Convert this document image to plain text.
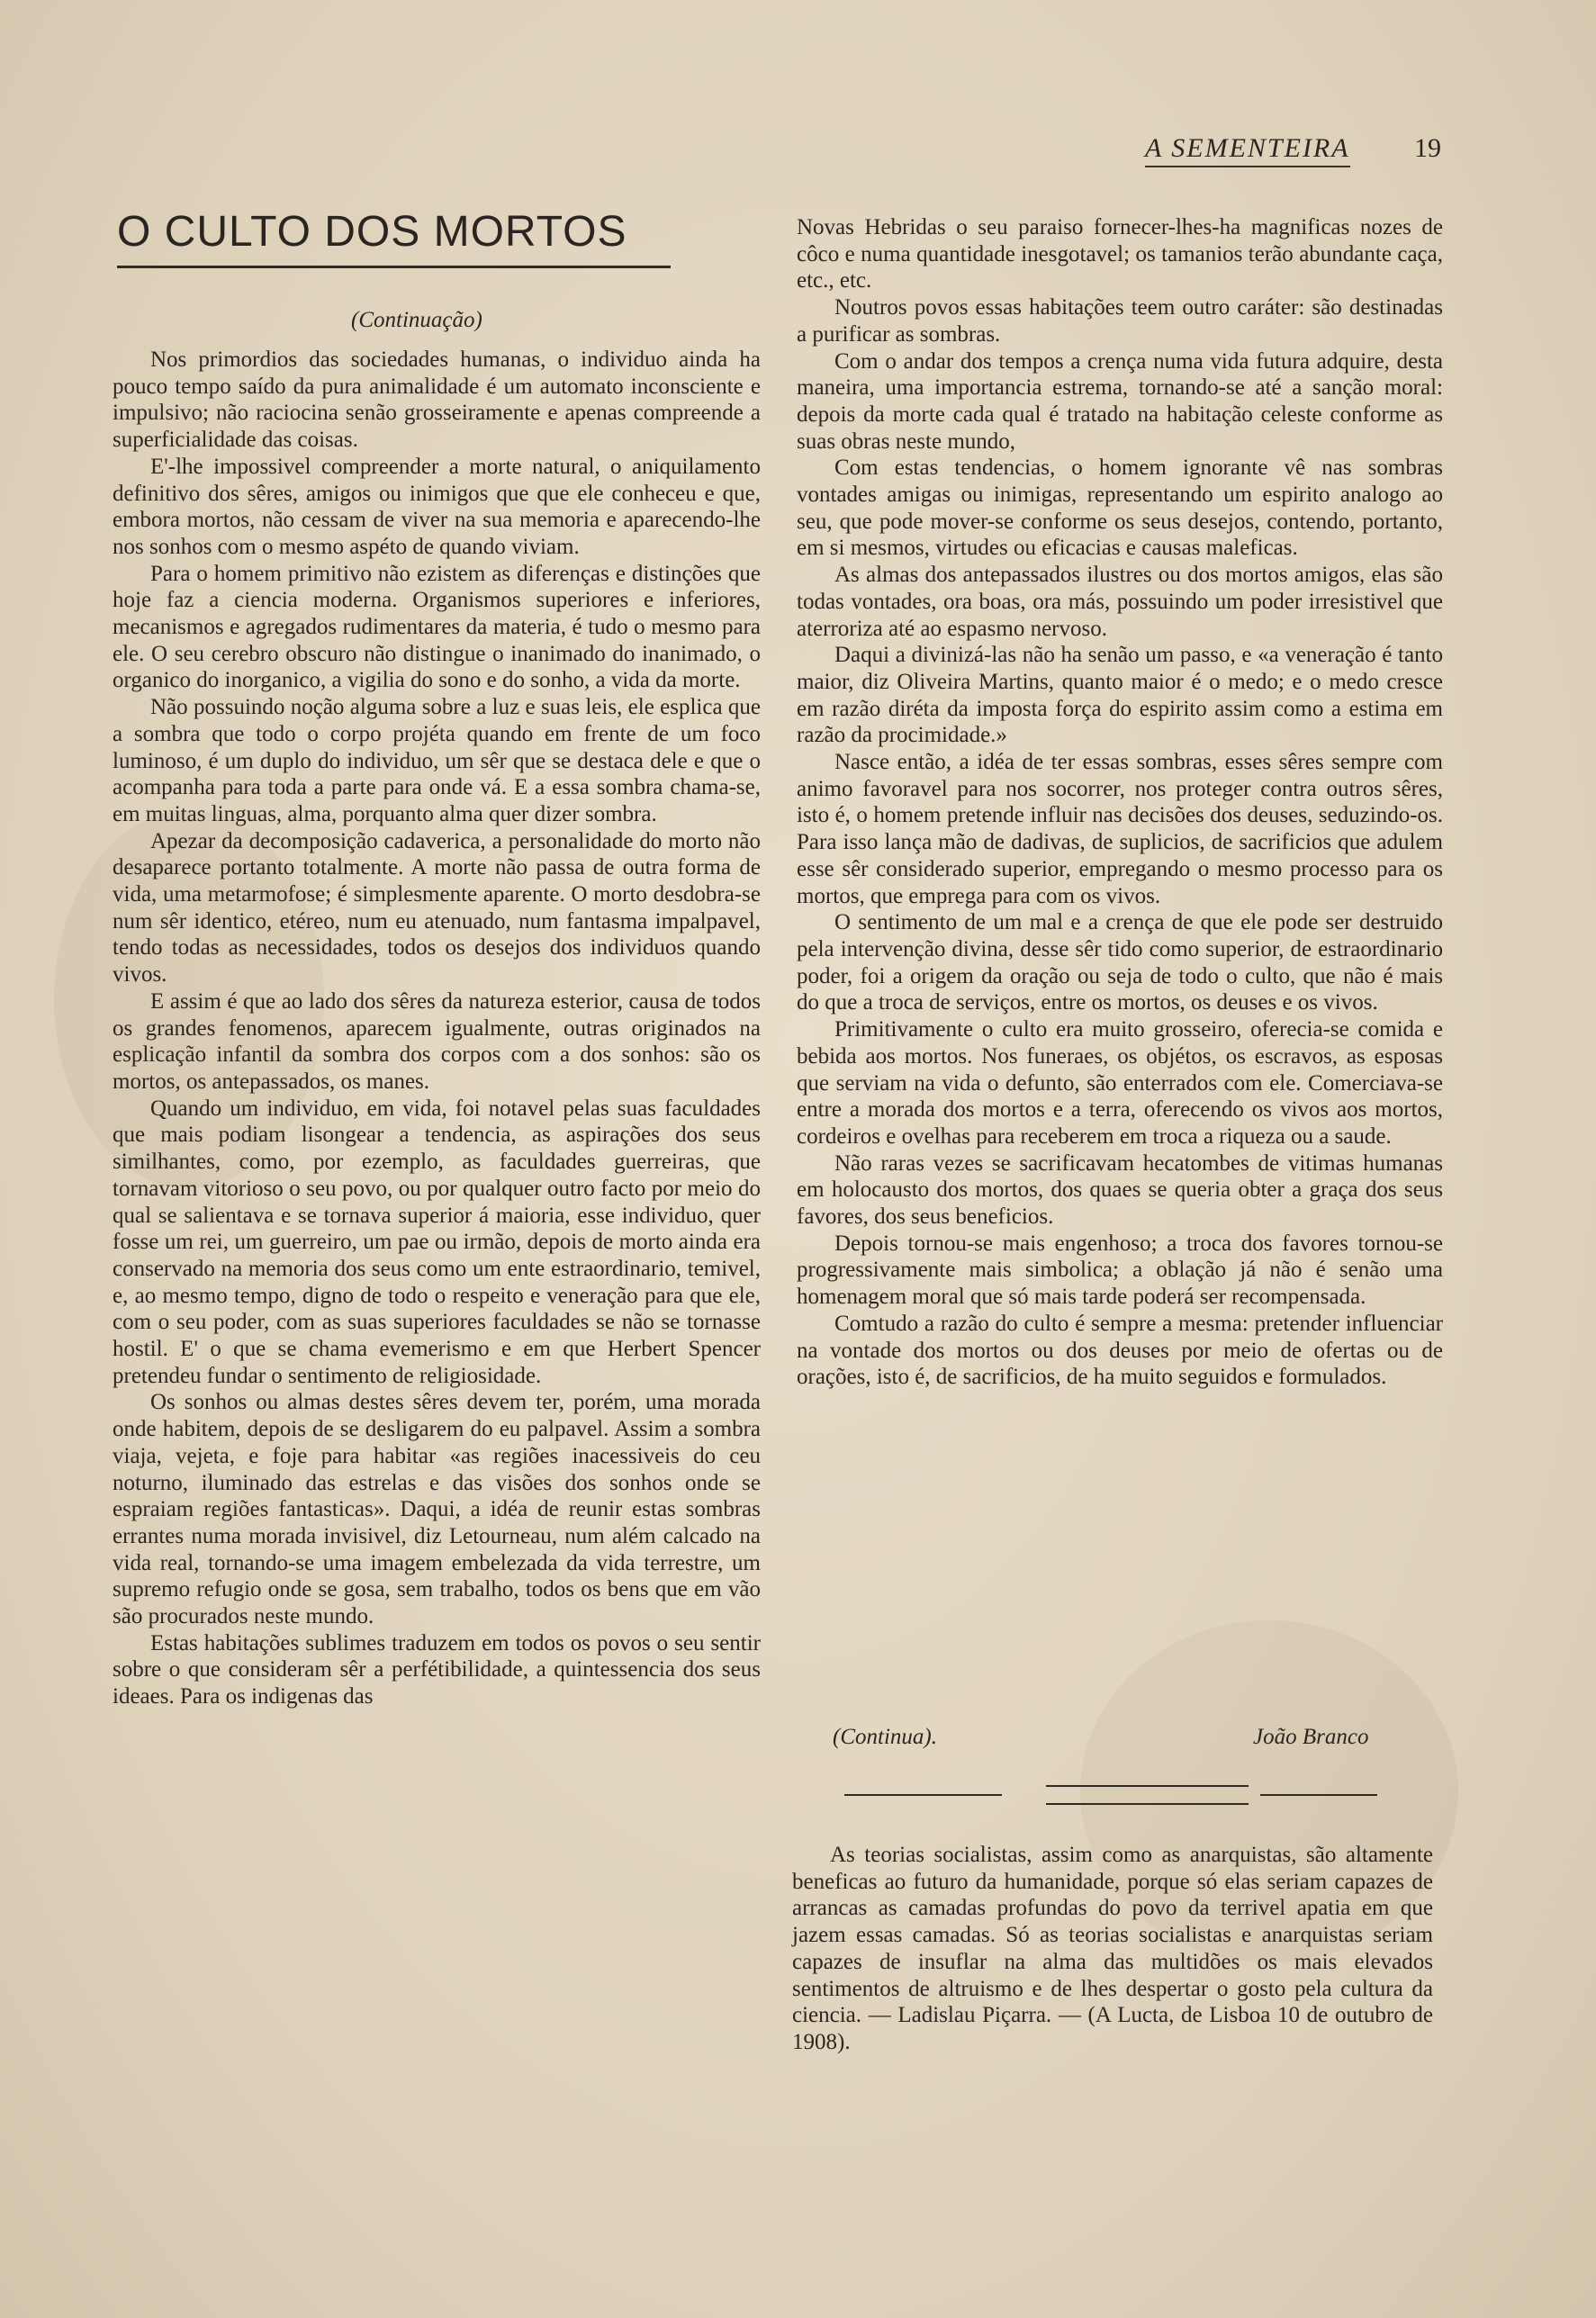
A SEMENTEIRA 19
O CULTO DOS MORTOS
(Continuação)

Nos primordios das sociedades humanas, o individuo ainda ha pouco tempo saído da pura animalidade é um automato inconsciente e impulsivo; não raciocina senão grosseiramente e apenas compreende a superficialidade das coisas.

E'-lhe impossivel compreender a morte natural, o aniquilamento definitivo dos sêres, amigos ou inimigos que que ele conheceu e que, embora mortos, não cessam de viver na sua memoria e aparecendo-lhe nos sonhos com o mesmo aspéto de quando viviam.

Para o homem primitivo não ezistem as diferenças e distinções que hoje faz a ciencia moderna. Organismos superiores e inferiores, mecanismos e agregados rudimentares da materia, é tudo o mesmo para ele. O seu cerebro obscuro não distingue o inanimado do inanimado, o organico do inorganico, a vigilia do sono e do sonho, a vida da morte.

Não possuindo noção alguma sobre a luz e suas leis, ele esplica que a sombra que todo o corpo projéta quando em frente de um foco luminoso, é um duplo do individuo, um sêr que se destaca dele e que o acompanha para toda a parte para onde vá. E a essa sombra chama-se, em muitas linguas, alma, porquanto alma quer dizer sombra.

Apezar da decomposição cadaverica, a personalidade do morto não desaparece portanto totalmente. A morte não passa de outra forma de vida, uma metarmofose; é simplesmente aparente. O morto desdobra-se num sêr identico, etéreo, num eu atenuado, num fantasma impalpavel, tendo todas as necessidades, todos os desejos dos individuos quando vivos.

E assim é que ao lado dos sêres da natureza esterior, causa de todos os grandes fenomenos, aparecem igualmente, outras originados na esplicação infantil da sombra dos corpos com a dos sonhos: são os mortos, os antepassados, os manes.

Quando um individuo, em vida, foi notavel pelas suas faculdades que mais podiam lisongear a tendencia, as aspirações dos seus similhantes, como, por ezemplo, as faculdades guerreiras, que tornavam vitorioso o seu povo, ou por qualquer outro facto por meio do qual se salientava e se tornava superior á maioria, esse individuo, quer fosse um rei, um guerreiro, um pae ou irmão, depois de morto ainda era conservado na memoria dos seus como um ente estraordinario, temivel, e, ao mesmo tempo, digno de todo o respeito e veneração para que ele, com o seu poder, com as suas superiores faculdades se não se tornasse hostil. E' o que se chama evemerismo e em que Herbert Spencer pretendeu fundar o sentimento de religiosidade.

Os sonhos ou almas destes sêres devem ter, porém, uma morada onde habitem, depois de se desligarem do eu palpavel. Assim a sombra viaja, vejeta, e foje para habitar «as regiões inacessiveis do ceu noturno, iluminado das estrelas e das visões dos sonhos onde se espraiam regiões fantasticas». Daqui, a idéa de reunir estas sombras errantes numa morada invisivel, diz Letourneau, num além calcado na vida real, tornando-se uma imagem embelezada da vida terrestre, um supremo refugio onde se gosa, sem trabalho, todos os bens que em vão são procurados neste mundo.

Estas habitações sublimes traduzem em todos os povos o seu sentir sobre o que consideram sêr a perfétibilidade, a quintessencia dos seus ideaes. Para os indigenas das

Novas Hebridas o seu paraiso fornecer-lhes-ha magnificas nozes de côco e numa quantidade inesgotavel; os tamanios terão abundante caça, etc., etc.

Noutros povos essas habitações teem outro caráter: são destinadas a purificar as sombras.

Com o andar dos tempos a crença numa vida futura adquire, desta maneira, uma importancia estrema, tornando-se até a sanção moral: depois da morte cada qual é tratado na habitação celeste conforme as suas obras neste mundo,

Com estas tendencias, o homem ignorante vê nas sombras vontades amigas ou inimigas, representando um espirito analogo ao seu, que pode mover-se conforme os seus desejos, contendo, portanto, em si mesmos, virtudes ou eficacias e causas maleficas.

As almas dos antepassados ilustres ou dos mortos amigos, elas são todas vontades, ora boas, ora más, possuindo um poder irresistivel que aterroriza até ao espasmo nervoso.

Daqui a divinizá-las não ha senão um passo, e «a veneração é tanto maior, diz Oliveira Martins, quanto maior é o medo; e o medo cresce em razão diréta da imposta força do espirito assim como a estima em razão da procimidade.»

Nasce então, a idéa de ter essas sombras, esses sêres sempre com animo favoravel para nos socorrer, nos proteger contra outros sêres, isto é, o homem pretende influir nas decisões dos deuses, seduzindo-os. Para isso lança mão de dadivas, de suplicios, de sacrificios que adulem esse sêr considerado superior, empregando o mesmo processo para os mortos, que emprega para com os vivos.

O sentimento de um mal e a crença de que ele pode ser destruido pela intervenção divina, desse sêr tido como superior, de estraordinario poder, foi a origem da oração ou seja de todo o culto, que não é mais do que a troca de serviços, entre os mortos, os deuses e os vivos.

Primitivamente o culto era muito grosseiro, oferecia-se comida e bebida aos mortos. Nos funeraes, os objétos, os escravos, as esposas que serviam na vida o defunto, são enterrados com ele. Comerciava-se entre a morada dos mortos e a terra, oferecendo os vivos aos mortos, cordeiros e ovelhas para receberem em troca a riqueza ou a saude.

Não raras vezes se sacrificavam hecatombes de vitimas humanas em holocausto dos mortos, dos quaes se queria obter a graça dos seus favores, dos seus beneficios.

Depois tornou-se mais engenhoso; a troca dos favores tornou-se progressivamente mais simbolica; a oblação já não é senão uma homenagem moral que só mais tarde poderá ser recompensada.

Comtudo a razão do culto é sempre a mesma: pretender influenciar na vontade dos mortos ou dos deuses por meio de ofertas ou de orações, isto é, de sacrificios, de ha muito seguidos e formulados.

(Continua).	João Branco

As teorias socialistas, assim como as anarquistas, são altamente beneficas ao futuro da humanidade, porque só elas seriam capazes de arrancas as camadas profundas do povo da terrivel apatia em que jazem essas camadas. Só as teorias socialistas e anarquistas seriam capazes de insuflar na alma das multidões os mais elevados sentimentos de altruismo e de lhes despertar o gosto pela cultura da ciencia. — Ladislau Piçarra. — (A Lucta, de Lisboa 10 de outubro de 1908).
